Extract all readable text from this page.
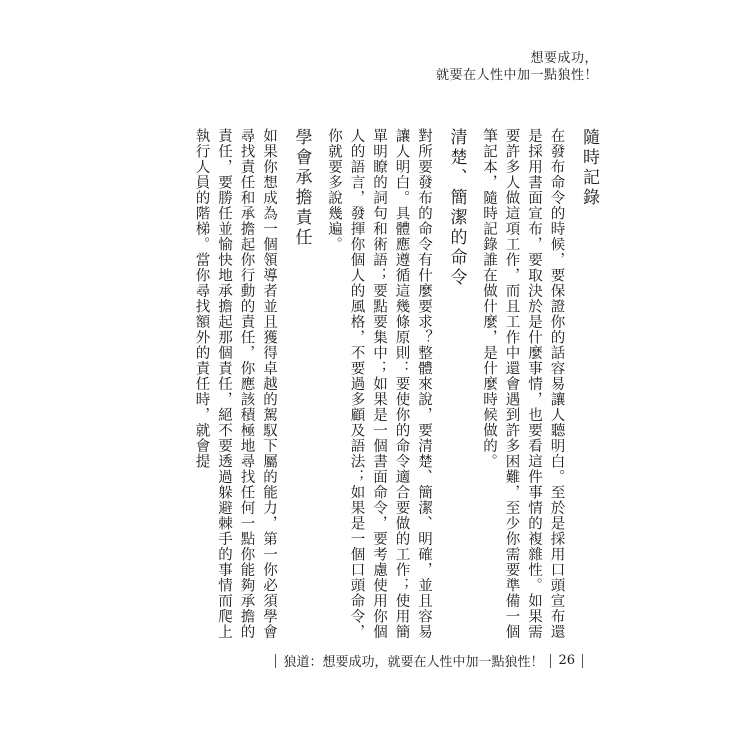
想要成功，
就要在人性中加一點狼性！
隨時記錄

在發布命令的時候，要保證你的話容易讓人聽明白。至於是採用口頭宣布還是採用書面宣布，要取決於是什麼事情，也要看這件事情的複雜性。如果需要許多人做這項工作，而且工作中還會遇到許多困難，至少你需要準備一個筆記本，隨時記錄誰在做什麼，是什麼時候做的。

清楚、簡潔的命令

對所要發布的命令有什麼要求？整體來說，要清楚、簡潔、明確，並且容易讓人明白。具體應遵循這幾條原則：要使你的命令適合要做的工作；使用簡單明瞭的詞句和術語；要點要集中；如果是一個書面命令，要考慮使用你個人的語言，發揮你個人的風格，不要過多顧及語法；如果是一個口頭命令，你就要多說幾遍。

學會承擔責任

如果你想成為一個領導者並且獲得卓越的駕馭下屬的能力，第一你必須學會尋找責任和承擔起你行動的責任，你應該積極地尋找任何一點你能夠承擔的責任，要勝任並愉快地承擔起那個責任，絕不要透過躲避棘手的事情而爬上執行人員的階梯。當你尋找額外的責任時，就會提

狼道：想要成功，就要在人性中加一點狼性！ 26
